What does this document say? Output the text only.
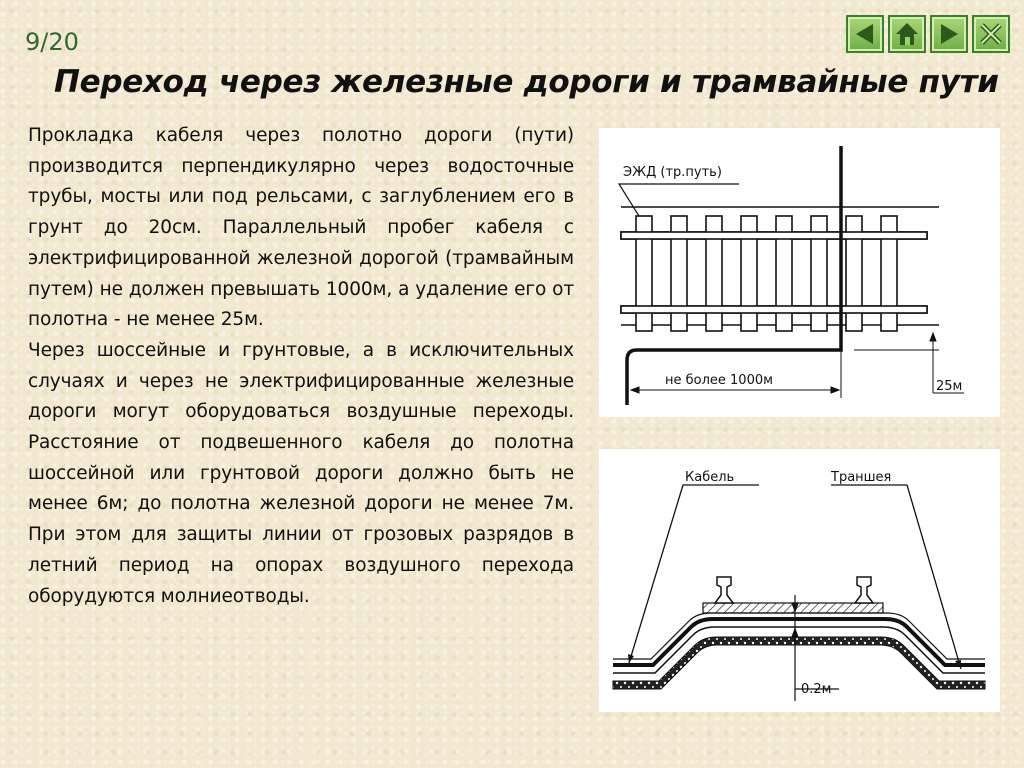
9/20
Переход через железные дороги и трамвайные пути

Прокладка кабеля через полотно дороги (пути) производится перпендикулярно через водосточные трубы, мосты или под рельсами, с заглублением его в грунт до 20см. Параллельный пробег кабеля с электрифицированной железной дорогой (трамвайным путем) не должен превышать 1000м, а удаление его от полотна - не менее 25м.

Через шоссейные и грунтовые, а в исключительных случаях и через не электрифицированные железные дороги могут оборудоваться воздушные переходы. Расстояние от подвешенного кабеля до полотна шоссейной или грунтовой дороги должно быть не менее 6м; до полотна железной дороги не менее 7м. При этом для защиты линии от грозовых разрядов в летний период на опорах воздушного перехода оборудуются молниеотводы.

ЭЖД (тр.путь)
не более 1000м	25м
Кабель	Траншея
0.2м
